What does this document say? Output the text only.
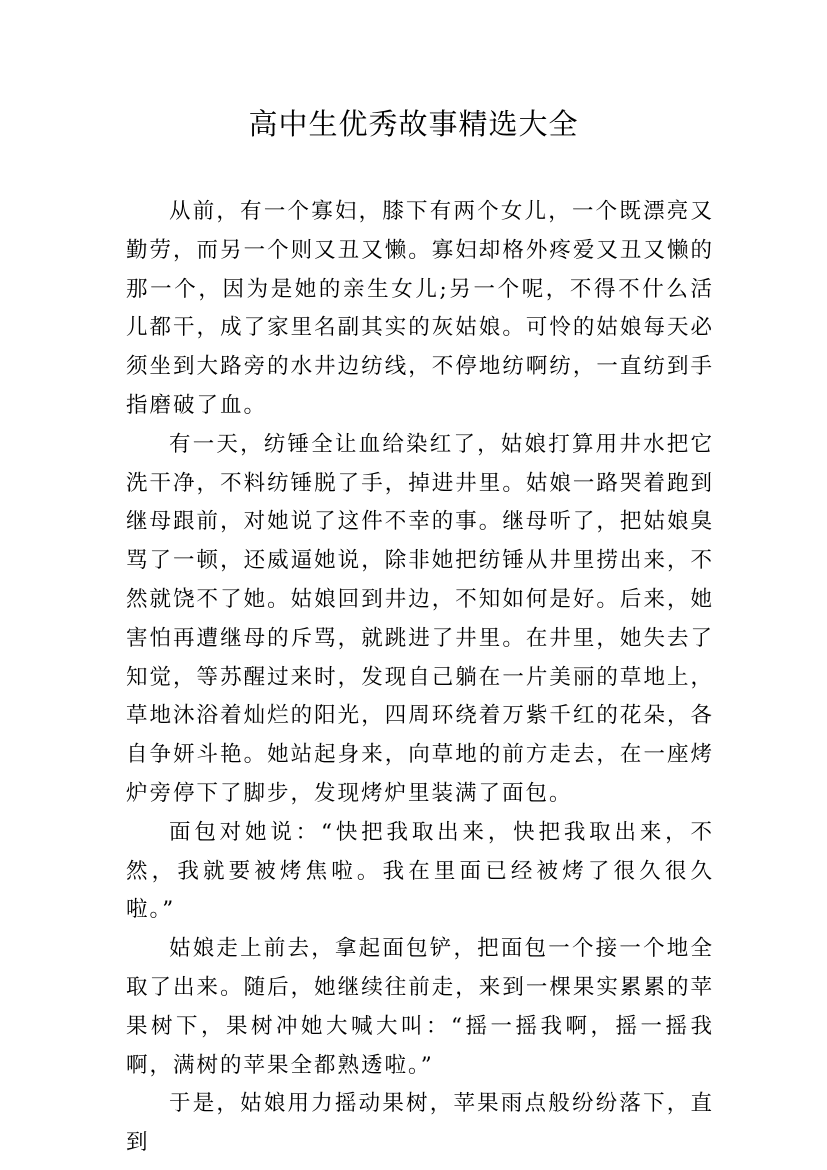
高中生优秀故事精选大全

从前，有一个寡妇，膝下有两个女儿，一个既漂亮又勤劳，而另一个则又丑又懒。寡妇却格外疼爱又丑又懒的那一个，因为是她的亲生女儿;另一个呢，不得不什么活儿都干，成了家里名副其实的灰姑娘。可怜的姑娘每天必须坐到大路旁的水井边纺线，不停地纺啊纺，一直纺到手指磨破了血。

有一天，纺锤全让血给染红了，姑娘打算用井水把它洗干净，不料纺锤脱了手，掉进井里。姑娘一路哭着跑到继母跟前，对她说了这件不幸的事。继母听了，把姑娘臭骂了一顿，还威逼她说，除非她把纺锤从井里捞出来，不然就饶不了她。姑娘回到井边，不知如何是好。后来，她害怕再遭继母的斥骂，就跳进了井里。在井里，她失去了知觉，等苏醒过来时，发现自己躺在一片美丽的草地上，草地沐浴着灿烂的阳光，四周环绕着万紫千红的花朵，各自争妍斗艳。她站起身来，向草地的前方走去，在一座烤炉旁停下了脚步，发现烤炉里装满了面包。

面包对她说：“快把我取出来，快把我取出来，不然，我就要被烤焦啦。我在里面已经被烤了很久很久啦。”

姑娘走上前去，拿起面包铲，把面包一个接一个地全取了出来。随后，她继续往前走，来到一棵果实累累的苹果树下，果树冲她大喊大叫：“摇一摇我啊，摇一摇我啊，满树的苹果全都熟透啦。”

于是，姑娘用力摇动果树，苹果雨点般纷纷落下，直到
